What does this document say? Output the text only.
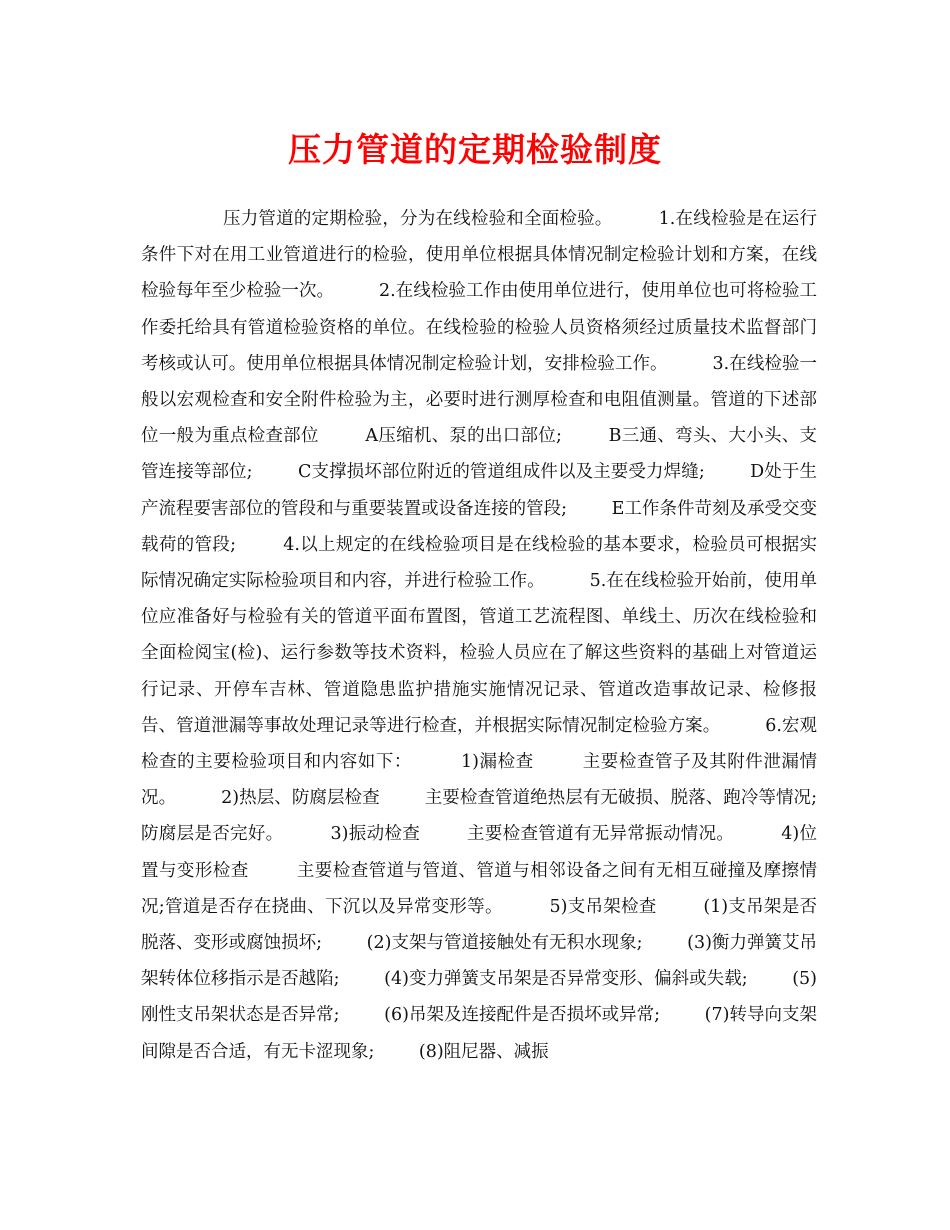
压力管道的定期检验制度

压力管道的定期检验，分为在线检验和全面检验。        1.在线检验是在运行条件下对在用工业管道进行的检验，使用单位根据具体情况制定检验计划和方案，在线检验每年至少检验一次。        2.在线检验工作由使用单位进行，使用单位也可将检验工作委托给具有管道检验资格的单位。在线检验的检验人员资格须经过质量技术监督部门考核或认可。使用单位根据具体情况制定检验计划，安排检验工作。        3.在线检验一般以宏观检查和安全附件检验为主，必要时进行测厚检查和电阻值测量。管道的下述部位一般为重点检查部位        A压缩机、泵的出口部位;        B三通、弯头、大小头、支管连接等部位;        C支撑损坏部位附近的管道组成件以及主要受力焊缝;        D处于生产流程要害部位的管段和与重要装置或设备连接的管段;        E工作条件苛刻及承受交变载荷的管段;        4.以上规定的在线检验项目是在线检验的基本要求，检验员可根据实际情况确定实际检验项目和内容，并进行检验工作。        5.在在线检验开始前，使用单位应准备好与检验有关的管道平面布置图，管道工艺流程图、单线土、历次在线检验和全面检阅宝(检)、运行参数等技术资料，检验人员应在了解这些资料的基础上对管道运行记录、开停车吉林、管道隐患监护措施实施情况记录、管道改造事故记录、检修报告、管道泄漏等事故处理记录等进行检查，并根据实际情况制定检验方案。        6.宏观检查的主要检验项目和内容如下：        1)漏检查        主要检查管子及其附件泄漏情况。        2)热层、防腐层检查        主要检查管道绝热层有无破损、脱落、跑冷等情况;防腐层是否完好。        3)振动检查        主要检查管道有无异常振动情况。        4)位置与变形检查        主要检查管道与管道、管道与相邻设备之间有无相互碰撞及摩擦情况;管道是否存在挠曲、下沉以及异常变形等。        5)支吊架检查        (1)支吊架是否脱落、变形或腐蚀损坏;        (2)支架与管道接触处有无积水现象;        (3)衡力弹簧艾吊架转体位移指示是否越陷;        (4)变力弹簧支吊架是否异常变形、偏斜或失载;        (5)刚性支吊架状态是否异常;        (6)吊架及连接配件是否损坏或异常;        (7)转导向支架间隙是否合适，有无卡涩现象;        (8)阻尼器、减振
